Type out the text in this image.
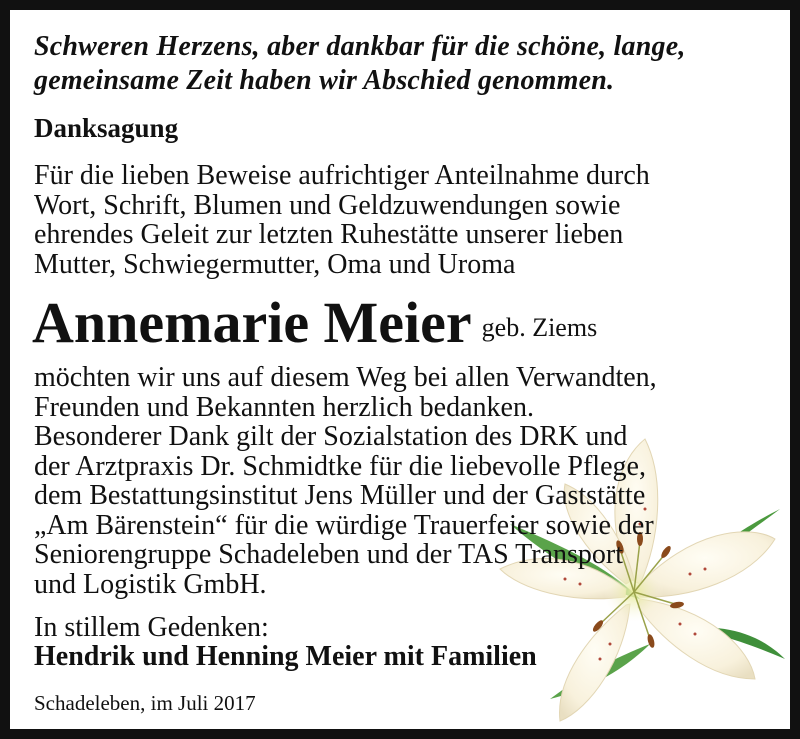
Schweren Herzens, aber dankbar für die schöne, lange,
gemeinsame Zeit haben wir Abschied genommen.
Danksagung
Für die lieben Beweise aufrichtiger Anteilnahme durch
Wort, Schrift, Blumen und Geldzuwendungen sowie
ehrendes Geleit zur letzten Ruhestätte unserer lieben
Mutter, Schwiegermutter, Oma und Uroma
Annemarie Meier geb. Ziems
möchten wir uns auf diesem Weg bei allen Verwandten,
Freunden und Bekannten herzlich bedanken.
Besonderer Dank gilt der Sozialstation des DRK und
der Arztpraxis Dr. Schmidtke für die liebevolle Pflege,
dem Bestattungsinstitut Jens Müller und der Gaststätte
„Am Bärenstein“ für die würdige Trauerfeier sowie der
Seniorengruppe Schadeleben und der TAS Transport
und Logistik GmbH.
In stillem Gedenken:
Hendrik und Henning Meier mit Familien
Schadeleben, im Juli 2017
